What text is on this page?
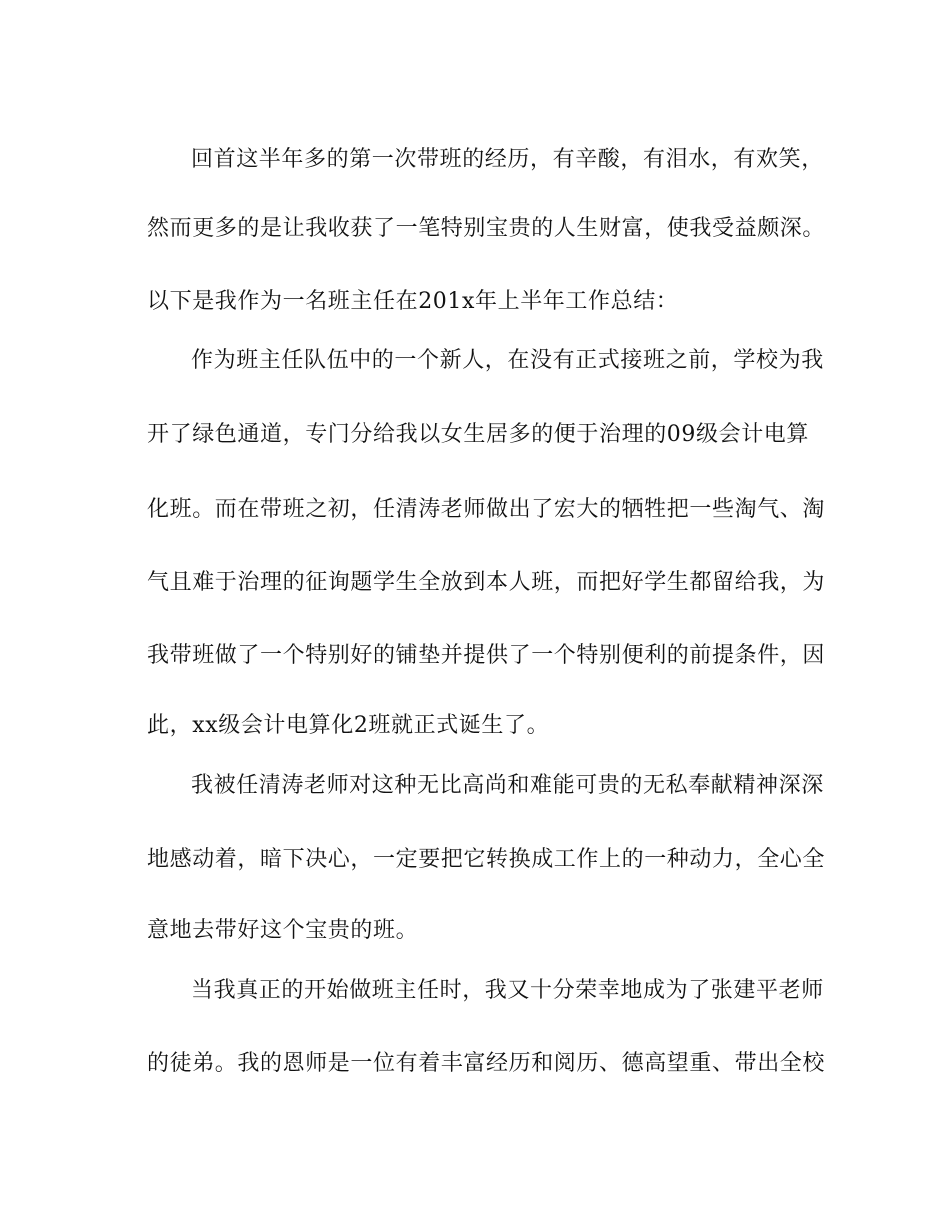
回首这半年多的第一次带班的经历，有辛酸，有泪水，有欢笑，
然而更多的是让我收获了一笔特别宝贵的人生财富，使我受益颇深。
以下是我作为一名班主任在201x年上半年工作总结：
作为班主任队伍中的一个新人，在没有正式接班之前，学校为我
开了绿色通道，专门分给我以女生居多的便于治理的09级会计电算
化班。而在带班之初，任清涛老师做出了宏大的牺牲把一些淘气、淘
气且难于治理的征询题学生全放到本人班，而把好学生都留给我，为
我带班做了一个特别好的铺垫并提供了一个特别便利的前提条件，因
此，xx级会计电算化2班就正式诞生了。
我被任清涛老师对这种无比高尚和难能可贵的无私奉献精神深深
地感动着，暗下决心，一定要把它转换成工作上的一种动力，全心全
意地去带好这个宝贵的班。
当我真正的开始做班主任时，我又十分荣幸地成为了张建平老师
的徒弟。我的恩师是一位有着丰富经历和阅历、德高望重、带出全校
